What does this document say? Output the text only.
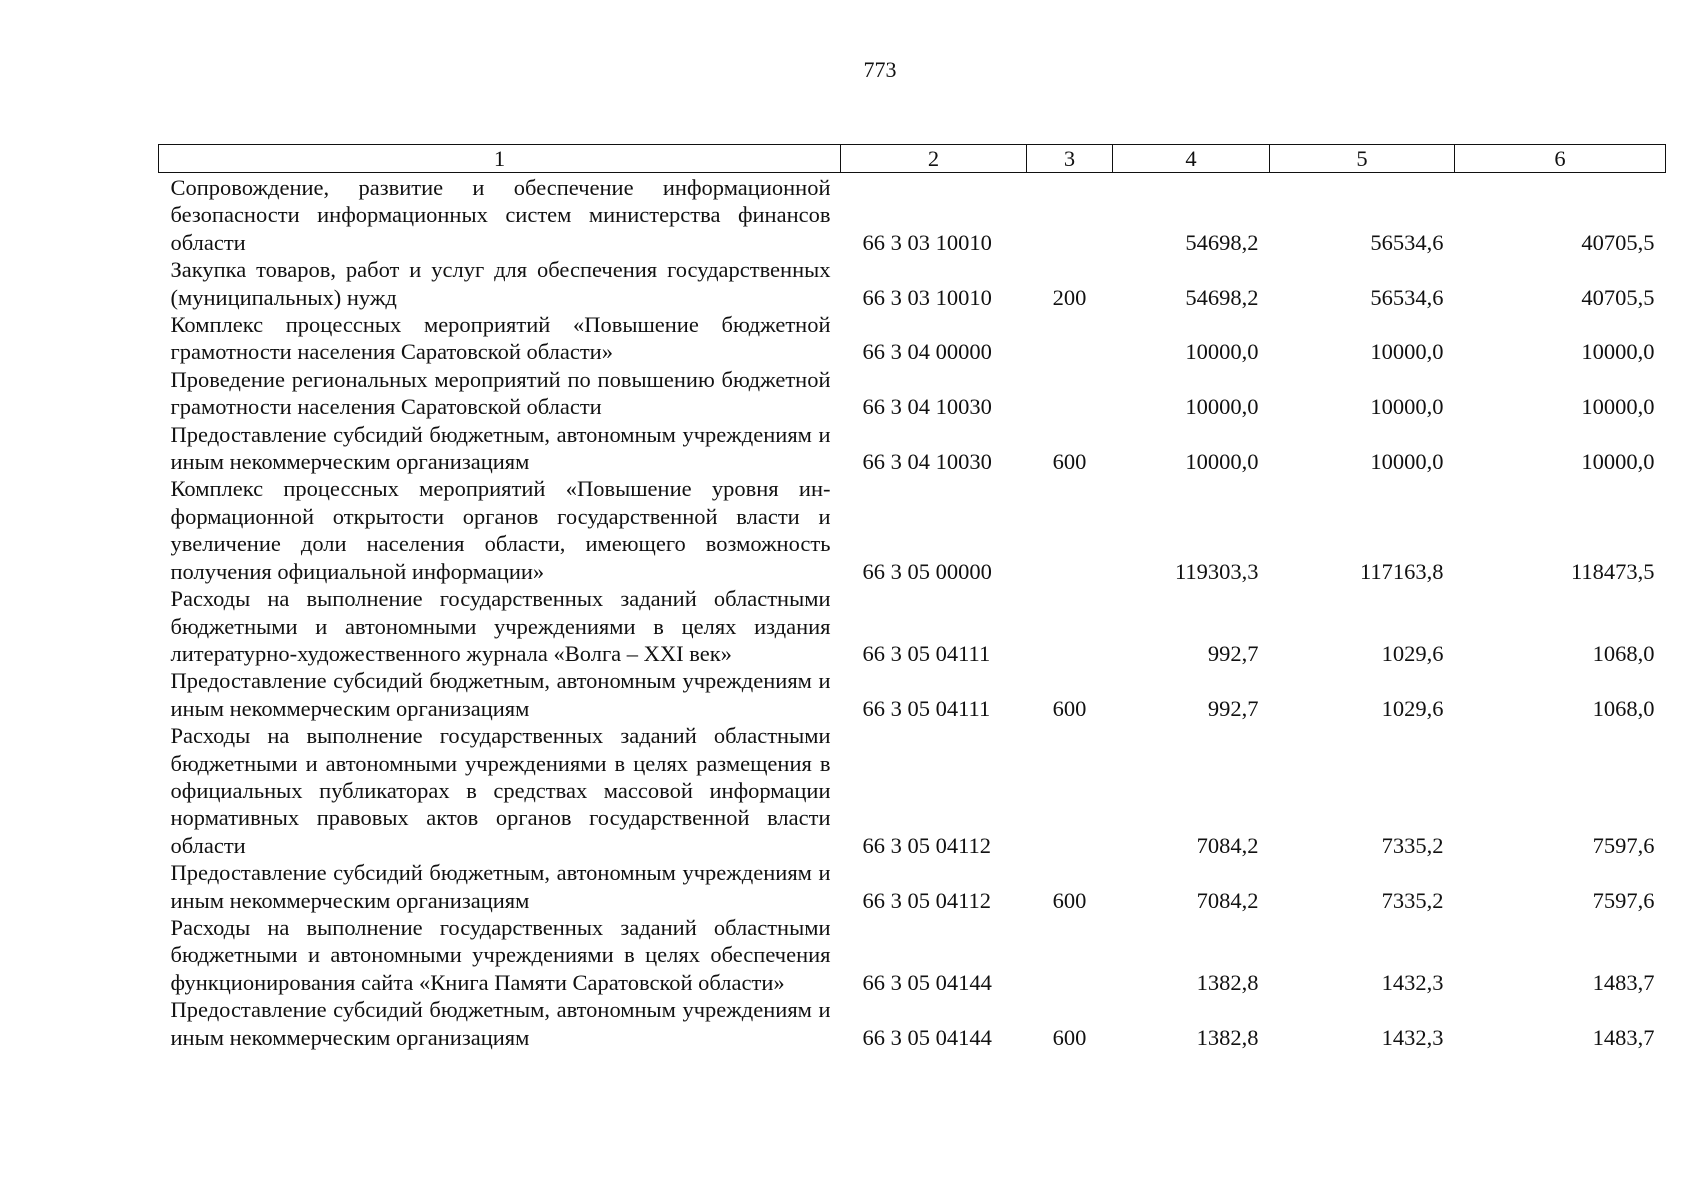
773
1	2	3	4	5	6
Сопровождение, развитие и обеспечение информационной безопасности информационных систем министерства финансов области	66 3 03 10010		54698,2	56534,6	40705,5
Закупка товаров, работ и услуг для обеспечения государственных (муниципальных) нужд	66 3 03 10010	200	54698,2	56534,6	40705,5
Комплекс процессных мероприятий «Повышение бюджетной грамотности населения Саратовской области»	66 3 04 00000		10000,0	10000,0	10000,0
Проведение региональных мероприятий по повышению бюджетной грамотности населения Саратовской области	66 3 04 10030		10000,0	10000,0	10000,0
Предоставление субсидий бюджетным, автономным учреждениям и иным некоммерческим организациям	66 3 04 10030	600	10000,0	10000,0	10000,0
Комплекс процессных мероприятий «Повышение уровня информационной открытости органов государственной власти и увеличение доли населения области, имеющего возможность получения официальной информации»	66 3 05 00000		119303,3	117163,8	118473,5
Расходы на выполнение государственных заданий областными бюджетными и автономными учреждениями в целях издания литературно-художественного журнала «Волга – XXI век»	66 3 05 04111		992,7	1029,6	1068,0
Предоставление субсидий бюджетным, автономным учреждениям и иным некоммерческим организациям	66 3 05 04111	600	992,7	1029,6	1068,0
Расходы на выполнение государственных заданий областными бюджетными и автономными учреждениями в целях размещения в официальных публикаторах в средствах массовой информации нормативных правовых актов органов государственной власти области	66 3 05 04112		7084,2	7335,2	7597,6
Предоставление субсидий бюджетным, автономным учреждениям и иным некоммерческим организациям	66 3 05 04112	600	7084,2	7335,2	7597,6
Расходы на выполнение государственных заданий областными бюджетными и автономными учреждениями в целях обеспечения функционирования сайта «Книга Памяти Саратовской области»	66 3 05 04144		1382,8	1432,3	1483,7
Предоставление субсидий бюджетным, автономным учреждениям и иным некоммерческим организациям	66 3 05 04144	600	1382,8	1432,3	1483,7
